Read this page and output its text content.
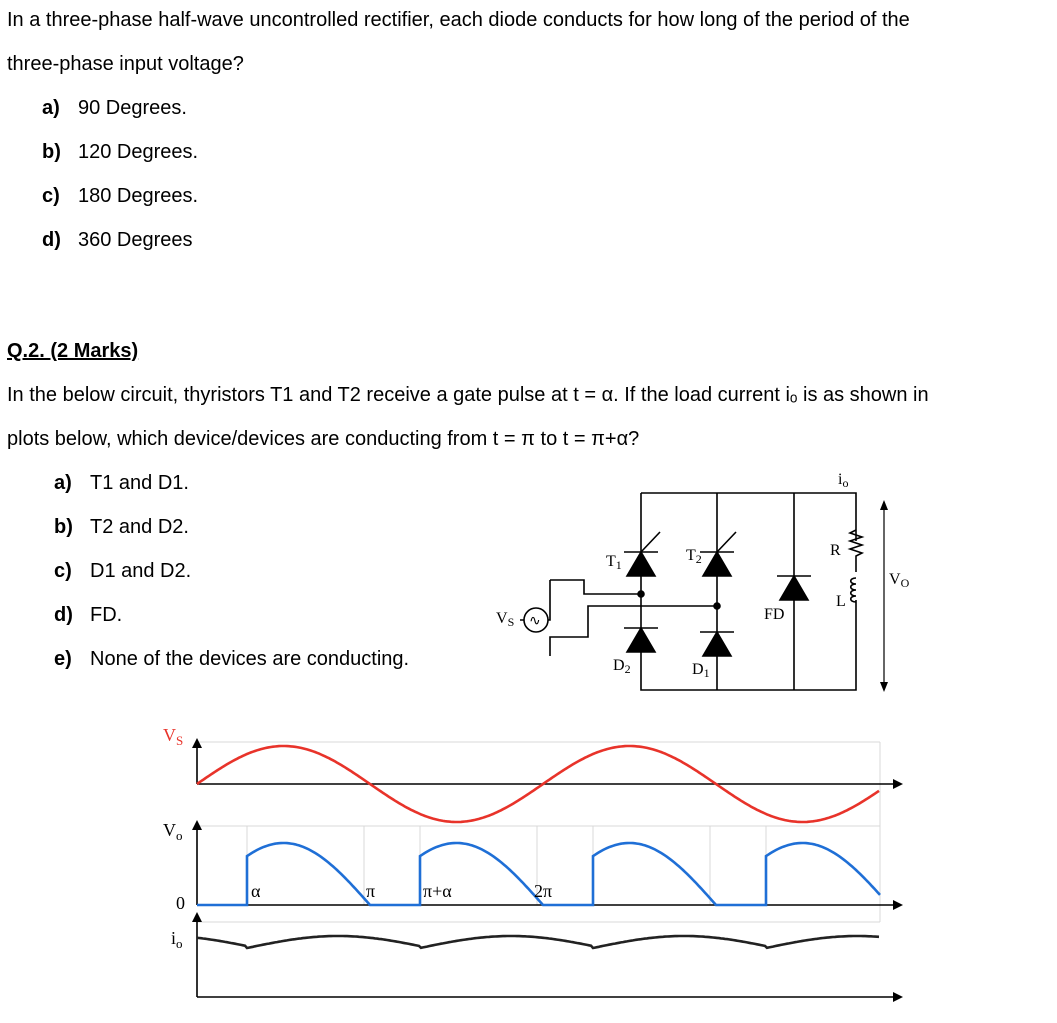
In a three-phase half-wave uncontrolled rectifier, each diode conducts for how long of the period of the
three-phase input voltage?
a) 90 Degrees.
b) 120 Degrees.
c) 180 Degrees.
d) 360 Degrees
Q.2. (2 Marks)
In the below circuit, thyristors T1 and T2 receive a gate pulse at t = α. If the load current iₒ is as shown in
plots below, which device/devices are conducting from t = π to t = π+α?
a) T1 and D1.
b) T2 and D2.
c) D1 and D2.
d) FD.
e) None of the devices are conducting.
VS ∿
T1
T2
D2	D1
FD
R
L
io
VO
$V_S$
$V_o$
0
$i_o$
α	π	π+α	2π
